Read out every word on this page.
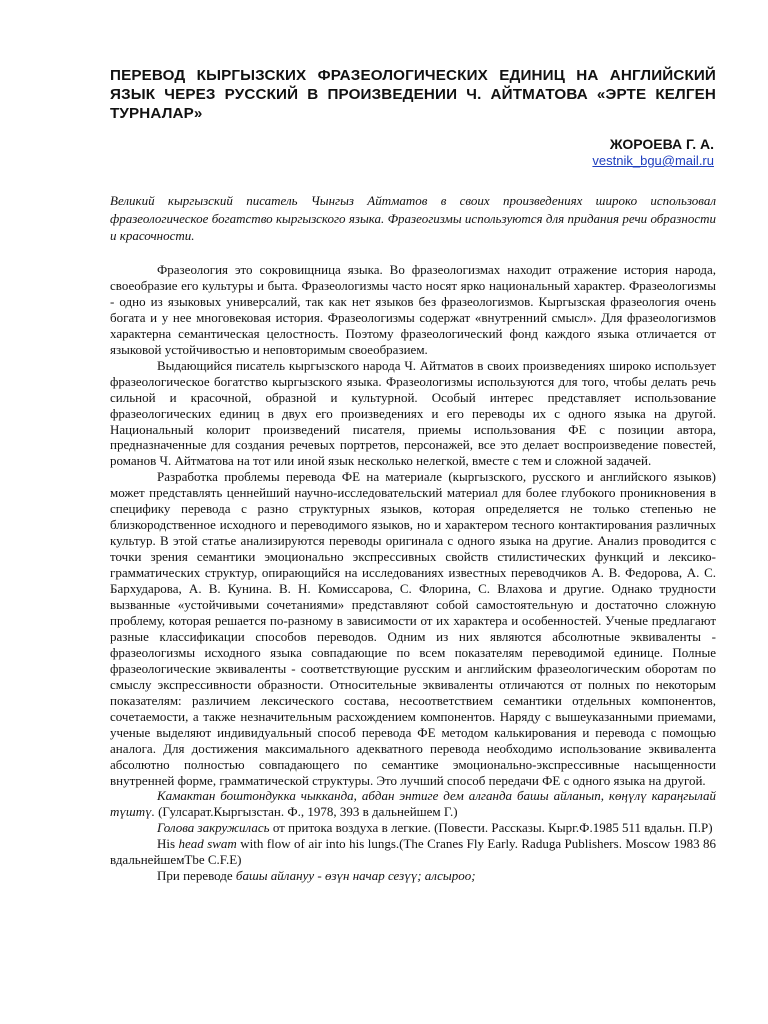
ПЕРЕВОД КЫРГЫЗСКИХ ФРАЗЕОЛОГИЧЕСКИХ ЕДИНИЦ НА АНГЛИЙСКИЙ ЯЗЫК ЧЕРЕЗ РУССКИЙ В ПРОИЗВЕДЕНИИ Ч. АЙТМАТОВА «ЭРТЕ КЕЛГЕН ТУРНАЛАР»
ЖОРОЕВА Г. А.
vestnik_bgu@mail.ru
Великий кыргызский писатель Чынгыз Айтматов в своих произведениях широко использовал фразеологическое богатство кыргызского языка. Фразеогизмы используются для придания речи образности и красочности.

Фразеология это сокровищница языка. Во фразеологизмах находит отражение история народа, своеобразие его культуры и быта. Фразеологизмы часто носят ярко национальный характер. Фразеологизмы - одно из языковых универсалий, так как нет языков без фразеологизмов. Кыргызская фразеология очень богата и у нее многовековая история. Фразеологизмы содержат «внутренний смысл». Для фразеологизмов характерна семантическая целостность. Поэтому фразеологический фонд каждого языка отличается от языковой устойчивостью и неповторимым своеобразием.

Выдающийся писатель кыргызского народа Ч. Айтматов в своих произведениях широко использует фразеологическое богатство кыргызского языка. Фразеологизмы используются для того, чтобы делать речь сильной и красочной, образной и культурной. Особый интерес представляет использование фразеологических единиц в двух его произведениях и его переводы их с одного языка на другой. Национальный колорит произведений писателя, приемы использования ФЕ с позиции автора, предназначенные для создания речевых портретов, персонажей, все это делает воспроизведение повестей, романов Ч. Айтматова на тот или иной язык несколько нелегкой, вместе с тем и сложной задачей.

Разработка проблемы перевода ФЕ на материале (кыргызского, русского и английского языков) может представлять ценнейший научно-исследовательский материал для более глубокого проникновения в специфику перевода с разно структурных языков, которая определяется не только степенью не близкородственное исходного и переводимого языков, но и характером тесного контактирования различных культур. В этой статье анализируются переводы оригинала с одного языка на другие. Анализ проводится с точки зрения семантики эмоционально экспрессивных свойств стилистических функций и лексико-грамматических структур, опирающийся на исследованиях известных переводчиков А. В. Федорова, А. С. Бархударова, А. В. Кунина. В. Н. Комиссарова, С. Флорина, С. Влахова и другие. Однако трудности вызванные «устойчивыми сочетаниями» представляют собой самостоятельную и достаточно сложную проблему, которая решается по-разному в зависимости от их характера и особенностей. Ученые предлагают разные классификации способов переводов. Одним из них являются абсолютные эквиваленты - фразеологизмы исходного языка совпадающие по всем показателям переводимой единице. Полные фразеологические эквиваленты - соответствующие русским и английским фразеологическим оборотам по смыслу экспрессивности образности. Относительные эквиваленты отличаются от полных по некоторым показателям: различием лексического состава, несоответствием семантики отдельных компонентов, сочетаемости, а также незначительным расхождением компонентов. Наряду с вышеуказанными приемами, ученые выделяют индивидуальный способ перевода ФЕ методом калькирования и перевода с помощью аналога. Для достижения максимального адекватного перевода необходимо использование эквивалента абсолютно полностью совпадающего по семантике эмоционально-экспрессивные насыщенности внутренней форме, грамматической структуры. Это лучший способ передачи ФЕ с одного языка на другой.

Камактан боштондукка чыкканда, абдан энтиге дем алганда башы айланып, көңүлү караңгылай түштү. (Гулсарат.Кыргызстан. Ф., 1978, 393 в дальнейшем Г.)

Голова закружилась от притока воздуха в легкие. (Повести. Рассказы. Кырг.Ф.1985 511 вдальн. П.Р)

His head swam with flow of air into his lungs.(The Cranes Fly Early. Raduga Publishers. Moscow 1983 86 вдальнейшемTbe C.F.E)

При переводе башы айлануу - өзүн начар сезүү; алсыроо;
